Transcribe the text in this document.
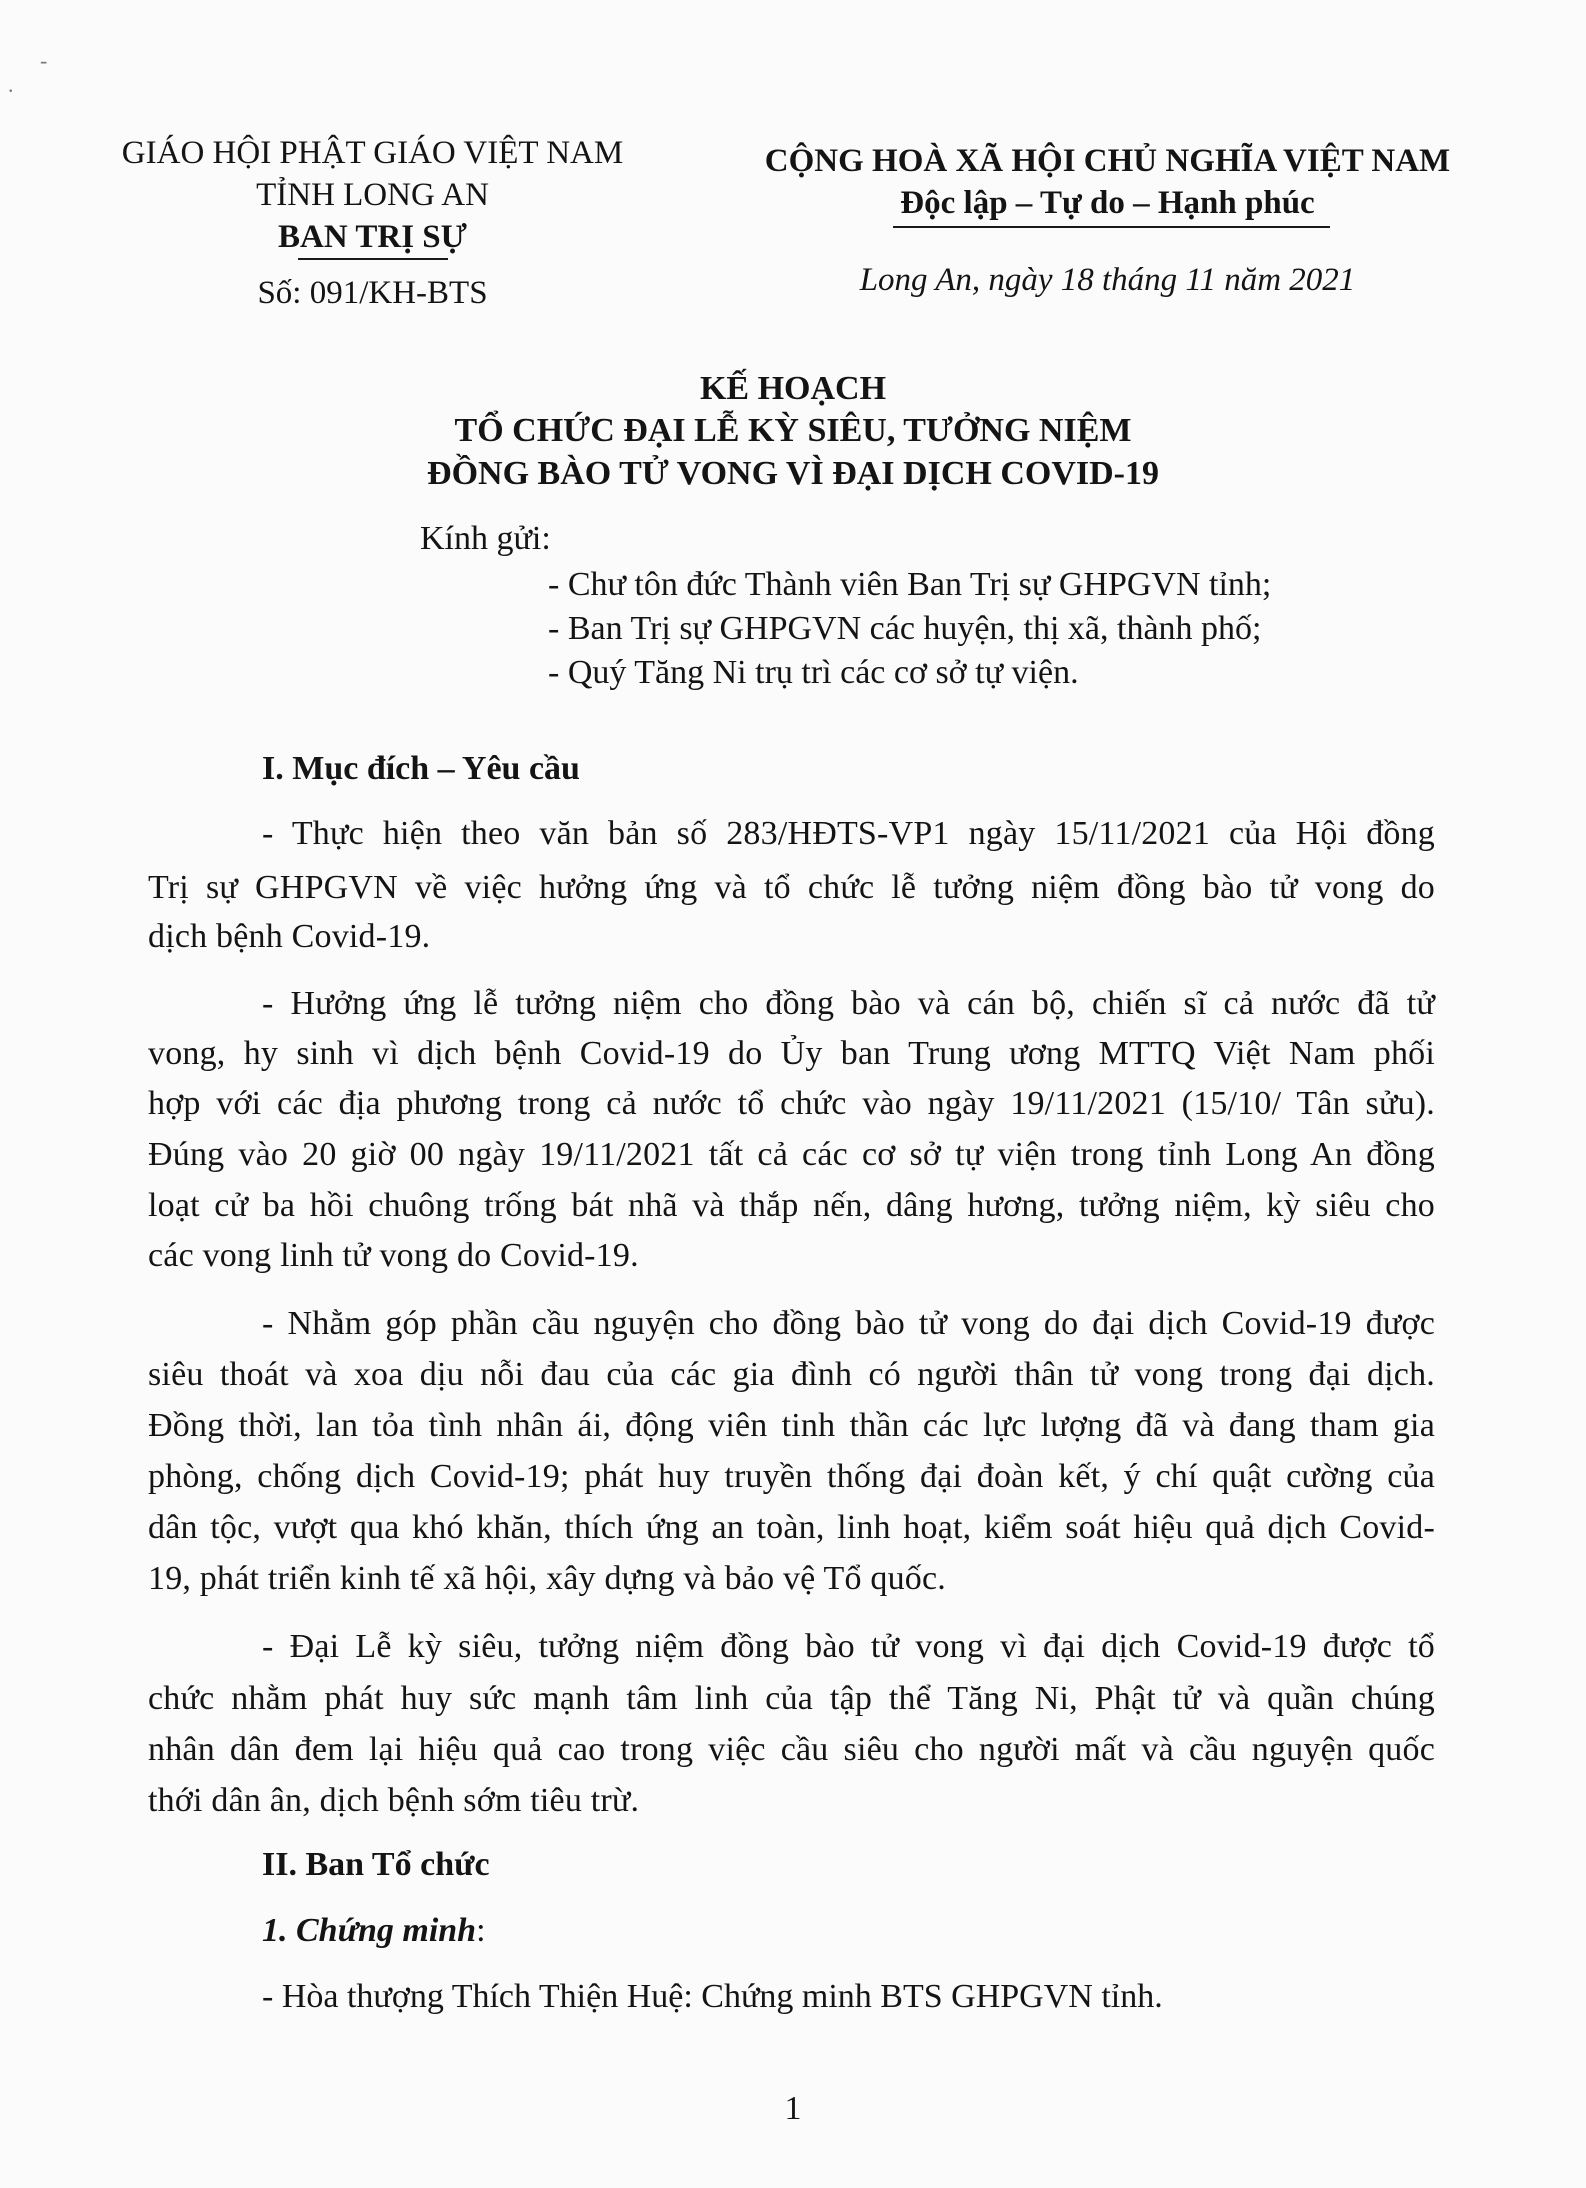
-
.
GIÁO HỘI PHẬT GIÁO VIỆT NAM
TỈNH LONG AN
BAN TRỊ SỰ
Số: 091/KH-BTS
CỘNG HOÀ XÃ HỘI CHỦ NGHĨA VIỆT NAM
Độc lập – Tự do – Hạnh phúc
Long An, ngày 18 tháng 11 năm 2021
KẾ HOẠCH
TỔ CHỨC ĐẠI LỄ KỲ SIÊU, TƯỞNG NIỆM
ĐỒNG BÀO TỬ VONG VÌ ĐẠI DỊCH COVID-19
Kính gửi:
- Chư tôn đức Thành viên Ban Trị sự GHPGVN tỉnh;
- Ban Trị sự GHPGVN các huyện, thị xã, thành phố;
- Quý Tăng Ni trụ trì các cơ sở tự viện.
I. Mục đích – Yêu cầu
- Thực hiện theo văn bản số 283/HĐTS-VP1 ngày 15/11/2021 của Hội đồng
Trị sự GHPGVN về việc hưởng ứng và tổ chức lễ tưởng niệm đồng bào tử vong do
dịch bệnh Covid-19.
- Hưởng ứng lễ tưởng niệm cho đồng bào và cán bộ, chiến sĩ cả nước đã tử
vong, hy sinh vì dịch bệnh Covid-19 do Ủy ban Trung ương MTTQ Việt Nam phối
hợp với các địa phương trong cả nước tổ chức vào ngày 19/11/2021 (15/10/ Tân sửu).
Đúng vào 20 giờ 00 ngày 19/11/2021 tất cả các cơ sở tự viện trong tỉnh Long An đồng
loạt cử ba hồi chuông trống bát nhã và thắp nến, dâng hương, tưởng niệm, kỳ siêu cho
các vong linh tử vong do Covid-19.
- Nhằm góp phần cầu nguyện cho đồng bào tử vong do đại dịch Covid-19 được
siêu thoát và xoa dịu nỗi đau của các gia đình có người thân tử vong trong đại dịch.
Đồng thời, lan tỏa tình nhân ái, động viên tinh thần các lực lượng đã và đang tham gia
phòng, chống dịch Covid-19; phát huy truyền thống đại đoàn kết, ý chí quật cường của
dân tộc, vượt qua khó khăn, thích ứng an toàn, linh hoạt, kiểm soát hiệu quả dịch Covid-
19, phát triển kinh tế xã hội, xây dựng và bảo vệ Tổ quốc.
- Đại Lễ kỳ siêu, tưởng niệm đồng bào tử vong vì đại dịch Covid-19 được tổ
chức nhằm phát huy sức mạnh tâm linh của tập thể Tăng Ni, Phật tử và quần chúng
nhân dân đem lại hiệu quả cao trong việc cầu siêu cho người mất và cầu nguyện quốc
thới dân ân, dịch bệnh sớm tiêu trừ.
II. Ban Tổ chức
1. Chứng minh:
- Hòa thượng Thích Thiện Huệ: Chứng minh BTS GHPGVN tỉnh.
1
